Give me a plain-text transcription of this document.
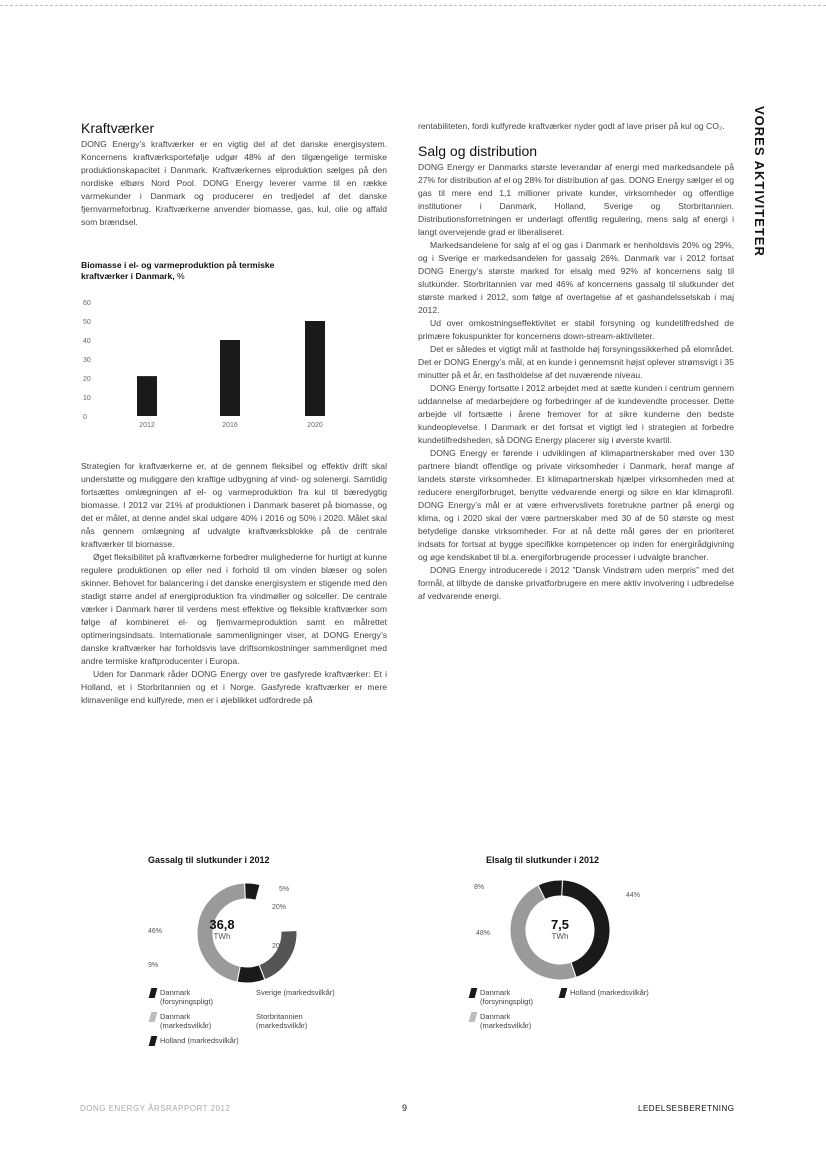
VORES AKTIVITETER
Kraftværker

DONG Energy’s kraftværker er en vigtig del af det danske energisystem. Koncernens kraftværksportefølje udgør 48% af den tilgængelige termiske produktionskapacitet i Danmark. Kraftværkernes elproduktion sælges på den nordiske elbørs Nord Pool. DONG Energy leverer varme til en række varmekunder i Danmark og producerer en tredjedel af det danske fjernvarmeforbrug. Kraftværkerne anvender biomasse, gas, kul, olie og affald som brændsel.

Biomasse i el- og varmeproduktion på termiske kraftværker i Danmark, %
60
50
40
30
20
10
0
2012	2016	2020

Strategien for kraftværkerne er, at de gennem fleksibel og effektiv drift skal understøtte og muliggøre den kraftige udbygning af vind- og solenergi. Samtidig fortsættes omlægningen af el- og varmeproduktion fra kul til bæredygtig biomasse. I 2012 var 21% af produktionen i Danmark baseret på biomasse, og det er målet, at denne andel skal udgøre 40% i 2016 og 50% i 2020. Målet skal nås gennem omlægning af udvalgte kraftværksblokke på de centrale kraftværker til biomasse.

Øget fleksibilitet på kraftværkerne forbedrer mulighederne for hurtigt at kunne regulere produktionen op eller ned i forhold til om vinden blæser og solen skinner. Behovet for balancering i det danske energisystem er stigende med den stadigt større andel af energiproduktion fra vindmøller og solceller. De centrale værker i Danmark hører til verdens mest effektive og fleksible kraftværker som følge af kombineret el- og fjernvarmeproduktion samt en målrettet optimeringsindsats. Internationale sammenligninger viser, at DONG Energy’s danske kraftværker har forholdsvis lave driftsomkostninger sammenlignet med andre termiske kraftproducenter i Europa.

Uden for Danmark råder DONG Energy over tre gasfyrede kraftværker: Et i Holland, et i Storbritannien og et i Norge. Gasfyrede kraftværker er mere klimavenlige end kulfyrede, men er i øjeblikket udfordrede på

rentabiliteten, fordi kulfyrede kraftværker nyder godt af lave priser på kul og CO₂.

Salg og distribution

DONG Energy er Danmarks største leverandør af energi med markedsandele på 27% for distribution af el og 28% for distribution af gas. DONG Energy sælger el og gas til mere end 1,1 millioner private kunder, virksomheder og offentlige institutioner i Danmark, Holland, Sverige og Storbritannien. Distributionsforretningen er underlagt offentlig regulering, mens salg af energi i langt overvejende grad er liberaliseret.

Markedsandelene for salg af el og gas i Danmark er henholdsvis 20% og 29%, og i Sverige er markedsandelen for gassalg 26%. Danmark var i 2012 fortsat DONG Energy’s største marked for elsalg med 92% af koncernens salg til slutkunder. Storbritannien var med 46% af koncernens gassalg til slutkunder det største marked i 2012, som følge af overtagelse af et gashandelsselskab i maj 2012.

Ud over omkostningseffektivitet er stabil forsyning og kundetilfredshed de primære fokuspunkter for koncernens down-stream-aktiviteter.

Det er således et vigtigt mål at fastholde høj forsyningssikkerhed på elområdet. Det er DONG Energy’s mål, at en kunde i gennemsnit højst oplever strømsvigt i 35 minutter på et år, en fastholdelse af det nuværende niveau.

DONG Energy fortsatte i 2012 arbejdet med at sætte kunden i centrum gennem uddannelse af medarbejdere og forbedringer af de kundevendte processer. Dette arbejde vil fortsætte i årene fremover for at sikre kunderne den bedste kundeoplevelse. I Danmark er det fortsat et vigtigt led i strategien at forbedre kundetilfredsheden, så DONG Energy placerer sig i øverste kvartil.

DONG Energy er førende i udviklingen af klimapartnerskaber med over 130 partnere blandt offentlige og private virksomheder i Danmark, heraf mange af landets største virksomheder. Et klimapartnerskab hjælper virksomheden med at reducere energiforbruget, benytte vedvarende energi og sikre en klar klimaprofil. DONG Energy’s mål er at være erhvervslivets foretrukne partner på energi og klima, og i 2020 skal der være partnerskaber med 30 af de 50 største og mest betydelige danske virksomheder. For at nå dette mål gøres der en prioriteret indsats for fortsat at bygge specifikke kompetencer op inden for energirådgivning og øge kendskabet til bl.a. energiforbrugende processer i udvalgte brancher.

DONG Energy introducerede i 2012 ”Dansk Vindstrøm uden merpris” med det formål, at tilbyde de danske privatforbrugere en mere aktiv involvering i udbredelse af vedvarende energi.

Gassalg til slutkunder i 2012
5%
20%
20%
9%
46%	36,8
TWh
Danmark (forsyningspligt)
Sverige (markedsvilkår)
Danmark (markedsvilkår)
Storbritannien (markedsvilkår)
Holland (markedsvilkår)
Elsalg til slutkunder i 2012
44%
48%
8%
7,5
TWh
Danmark (forsyningspligt)
Holland (markedsvilkår)
Danmark (markedsvilkår)
DONG ENERGY ÅRSRAPPORT 2012	9	LEDELSESBERETNING
